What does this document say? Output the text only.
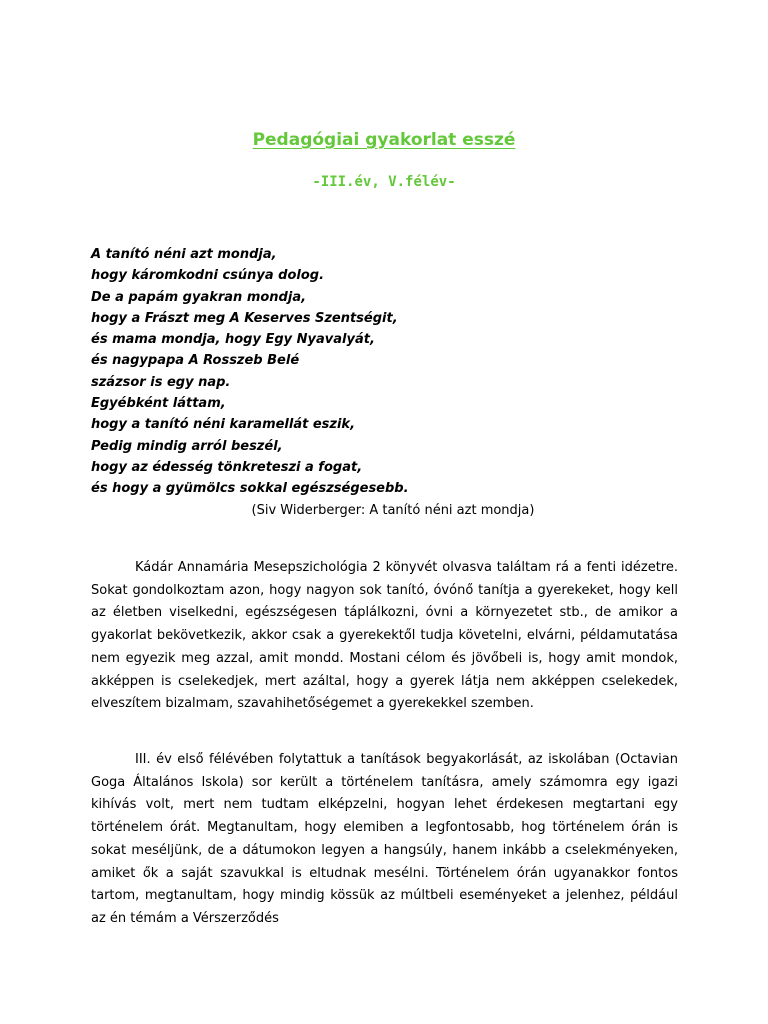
Pedagógiai gyakorlat esszé
-III.év, V.félév-
A tanító néni azt mondja,
hogy káromkodni csúnya dolog.
De a papám gyakran mondja,
hogy a Frászt meg A Keserves Szentségit,
és mama mondja, hogy Egy Nyavalyát,
és nagypapa A Rosszeb Belé
százsor is egy nap.
Egyébként láttam,
hogy a tanító néni karamellát eszik,
Pedig mindig arról beszél,
hogy az édesség tönkreteszi a fogat,
és hogy a gyümölcs sokkal egészségesebb.
(Siv Widerberger: A tanító néni azt mondja)

Kádár Annamária Mesepszichológia 2 könyvét olvasva találtam rá a fenti idézetre. Sokat gondolkoztam azon, hogy nagyon sok tanító, óvónő tanítja a gyerekeket, hogy kell az életben viselkedni, egészségesen táplálkozni, óvni a környezetet stb., de amikor a gyakorlat bekövetkezik, akkor csak a gyerekektől tudja követelni, elvárni, példamutatása nem egyezik meg azzal, amit mondd. Mostani célom és jövőbeli is, hogy amit mondok, akképpen is cselekedjek, mert azáltal, hogy a gyerek látja nem akképpen cselekedek, elveszítem bizalmam, szavahihetőségemet a gyerekekkel szemben.

III. év első félévében folytattuk a tanítások begyakorlását, az iskolában (Octavian Goga Általános Iskola) sor került a történelem tanításra, amely számomra egy igazi kihívás volt, mert nem tudtam elképzelni, hogyan lehet érdekesen megtartani egy történelem órát. Megtanultam, hogy elemiben a legfontosabb, hog történelem órán is sokat meséljünk, de a dátumokon legyen a hangsúly, hanem inkább a cselekményeken, amiket ők a saját szavukkal is eltudnak mesélni. Történelem órán ugyanakkor fontos tartom, megtanultam, hogy mindig kössük az múltbeli eseményeket a jelenhez, például az én témám a Vérszerződés
